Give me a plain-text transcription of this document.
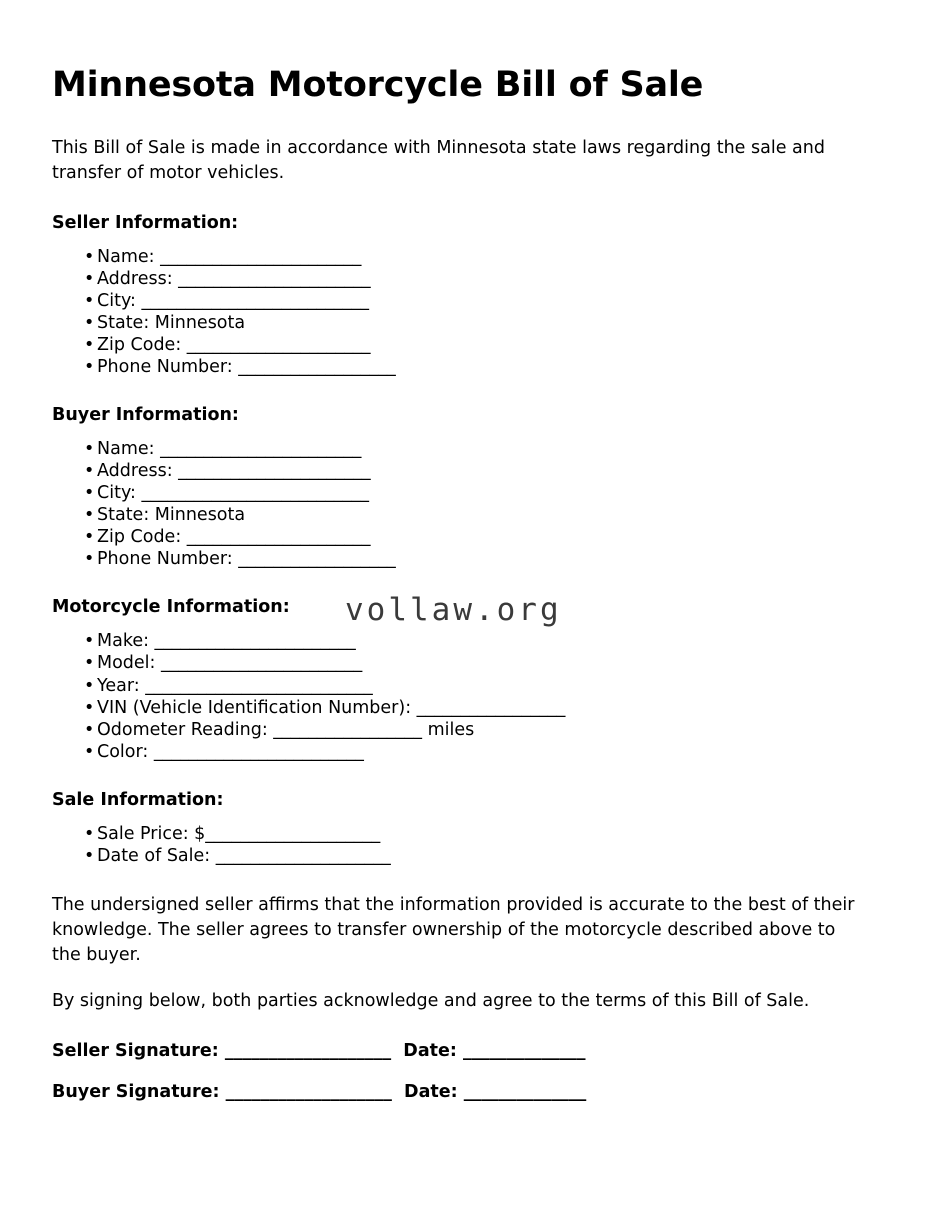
Minnesota Motorcycle Bill of Sale

This Bill of Sale is made in accordance with Minnesota state laws regarding the sale and transfer of motor vehicles.

Seller Information:
• Name: _______________________
• Address: ______________________
• City: __________________________
• State: Minnesota
• Zip Code: _____________________
• Phone Number: __________________
Buyer Information:
• Name: _______________________
• Address: ______________________
• City: __________________________
• State: Minnesota
• Zip Code: _____________________
• Phone Number: __________________
Motorcycle Information:
• Make: _______________________
• Model: _______________________
• Year: __________________________
• VIN (Vehicle Identification Number): _________________
• Odometer Reading: _________________ miles
• Color: ________________________
Sale Information:
• Sale Price: $____________________
• Date of Sale: ____________________

The undersigned seller affirms that the information provided is accurate to the best of their knowledge. The seller agrees to transfer ownership of the motorcycle described above to the buyer.

By signing below, both parties acknowledge and agree to the terms of this Bill of Sale.

Seller Signature: ___________________  Date: ______________

Buyer Signature: ___________________  Date: ______________

vollaw.org
